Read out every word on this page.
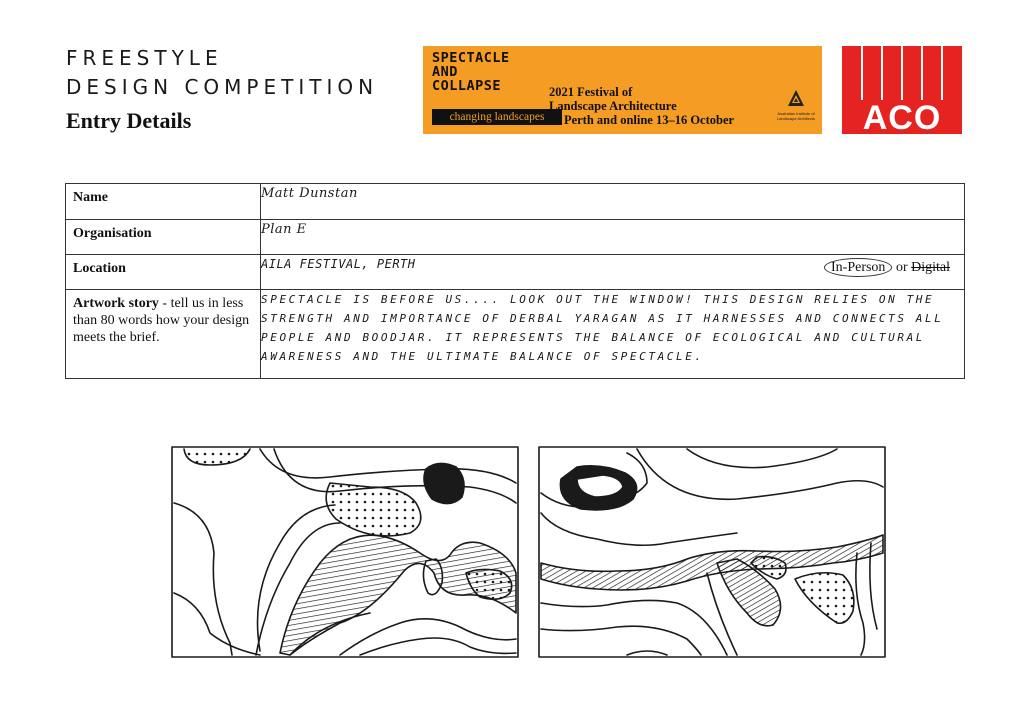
FREESTYLE
DESIGN COMPETITION
Entry Details
SPECTACLE
AND
COLLAPSE
changing landscapes
2021 Festival of
Landscape Architecture
In Perth and online 13–16 October	Australian Institute of Landscape Architects ACO
Name	Matt Dunstan
Organisation	Plan E
Location	AILA FESTIVAL, PERTH In-Person or Digital

Artwork story - tell us in less than 80 words how your design meets the brief.	SPECTACLE IS BEFORE US.... LOOK OUT THE WINDOW! THIS DESIGN RELIES ON THE STRENGTH AND IMPORTANCE OF DERBAL YARAGAN AS IT HARNESSES AND CONNECTS ALL PEOPLE AND BOODJAR. IT REPRESENTS THE BALANCE OF ECOLOGICAL AND CULTURAL AWARENESS AND THE ULTIMATE BALANCE OF SPECTACLE.
